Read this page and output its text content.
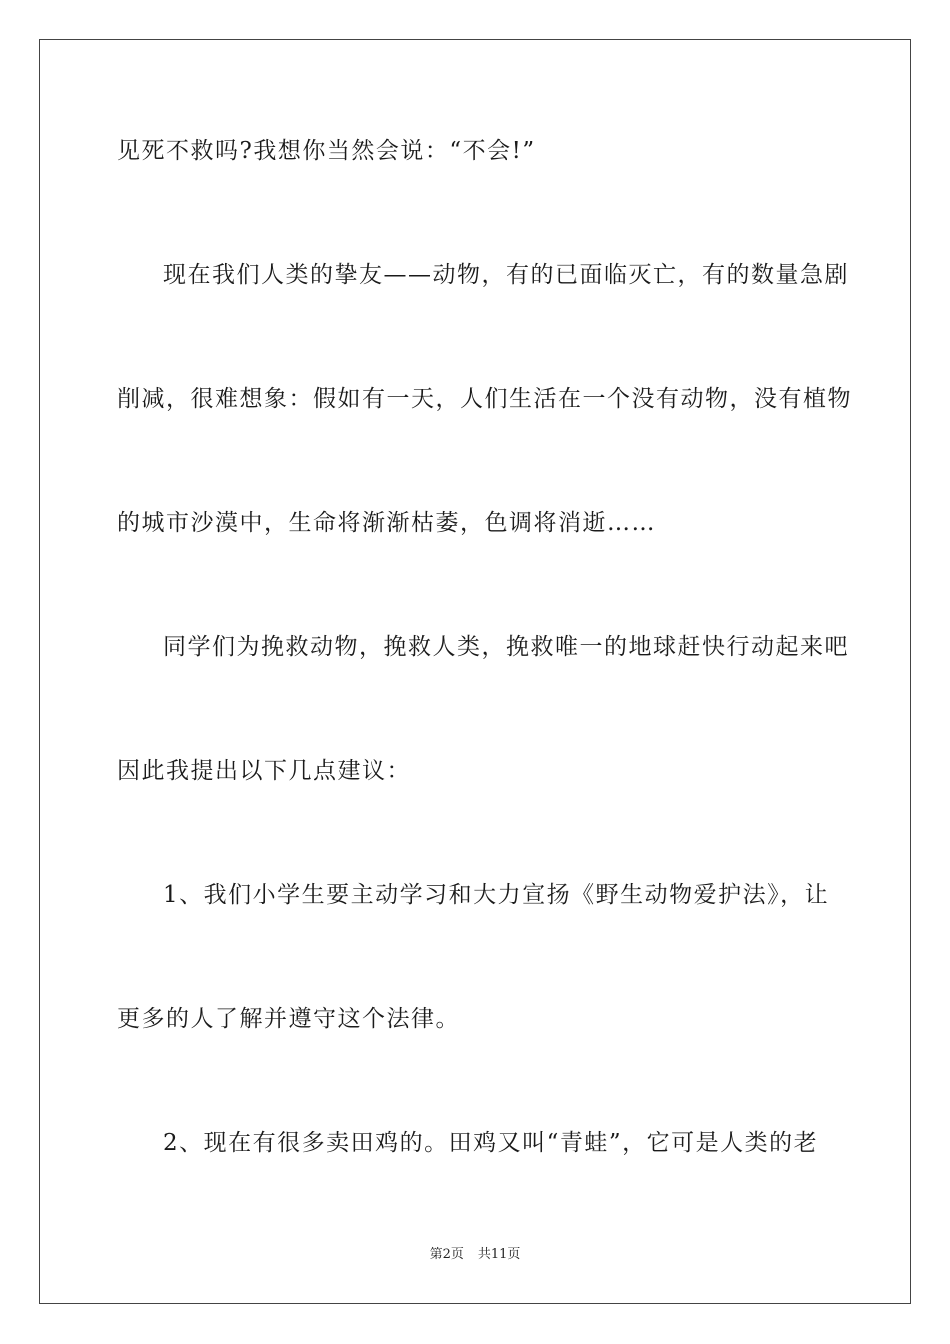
见死不救吗?我想你当然会说：“不会!”
现在我们人类的挚友——动物，有的已面临灭亡，有的数量急剧
削减，很难想象：假如有一天，人们生活在一个没有动物，没有植物
的城市沙漠中，生命将渐渐枯萎，色调将消逝……
同学们为挽救动物，挽救人类，挽救唯一的地球赶快行动起来吧
因此我提出以下几点建议：
1、我们小学生要主动学习和大力宣扬《野生动物爱护法》，让
更多的人了解并遵守这个法律。
2、现在有很多卖田鸡的。田鸡又叫“青蛙”，它可是人类的老
第2页 共11页
